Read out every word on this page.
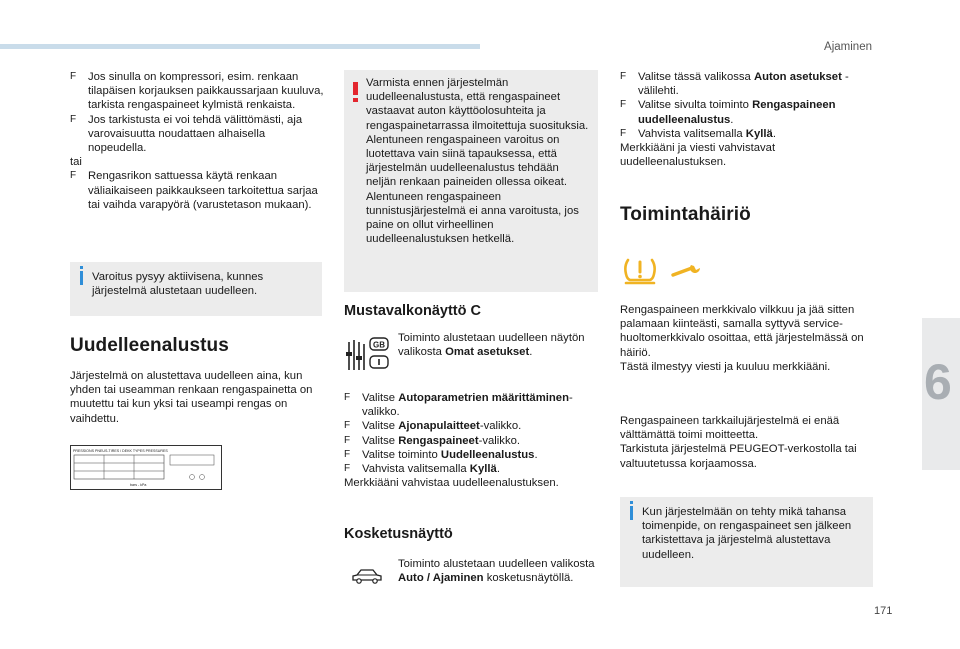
Ajaminen
6
171
F Jos sinulla on kompressori, esim. renkaan tilapäisen korjauksen paikkaussarjaan kuuluva, tarkista rengaspaineet kylmistä renkaista.
F Jos tarkistusta ei voi tehdä välittömästi, aja varovaisuutta noudattaen alhaisella nopeudella.
tai
F Rengasrikon sattuessa käytä renkaan väliaikaiseen paikkaukseen tarkoitettua sarjaa tai vaihda varapyörä (varustetason mukaan).
Varoitus pysyy aktiivisena, kunnes järjestelmä alustetaan uudelleen.
Uudelleenalustus
Järjestelmä on alustettava uudelleen aina, kun yhden tai useamman renkaan rengaspainetta on muutettu tai kun yksi tai useampi rengas on vaihdettu.
PRESSIONS PNEUS-TIRES / DEKK TYPES PRESSURES
bars - kPa
Varmista ennen järjestelmän uudelleenalustusta, että rengaspaineet vastaavat auton käyttöolosuhteita ja rengaspainetarrassa ilmoitettuja suosituksia.
Alentuneen rengaspaineen varoitus on luotettava vain siinä tapauksessa, että järjestelmän uudelleenalustus tehdään neljän renkaan paineiden ollessa oikeat.
Alentuneen rengaspaineen tunnistusjärjestelmä ei anna varoitusta, jos paine on ollut virheellinen uudelleenalustuksen hetkellä.
Mustavalkonäyttö C
GB
Toiminto alustetaan uudelleen näytön valikosta Omat asetukset.
F Valitse Autoparametrien määrittäminen-valikko.
F Valitse Ajonapulaitteet-valikko.
F Valitse Rengaspaineet-valikko.
F Valitse toiminto Uudelleenalustus.
F Vahvista valitsemalla Kyllä.
Merkkiääni vahvistaa uudelleenalustuksen.
Kosketusnäyttö
Toiminto alustetaan uudelleen valikosta Auto / Ajaminen kosketusnäytöllä.
F Valitse tässä valikossa Auton asetukset -välilehti.
F Valitse sivulta toiminto Rengaspaineen uudelleenalustus.
F Vahvista valitsemalla Kyllä.
Merkkiääni ja viesti vahvistavat uudelleenalustuksen.
Toimintahäiriö
Rengaspaineen merkkivalo vilkkuu ja jää sitten palamaan kiinteästi, samalla syttyvä service-huoltomerkkivalo osoittaa, että järjestelmässä on häiriö.
Tästä ilmestyy viesti ja kuuluu merkkiääni.
Rengaspaineen tarkkailujärjestelmä ei enää välttämättä toimi moitteetta.
Tarkistuta järjestelmä PEUGEOT-verkostolla tai valtuutetussa korjaamossa.
Kun järjestelmään on tehty mikä tahansa toimenpide, on rengaspaineet sen jälkeen tarkistettava ja järjestelmä alustettava uudelleen.
